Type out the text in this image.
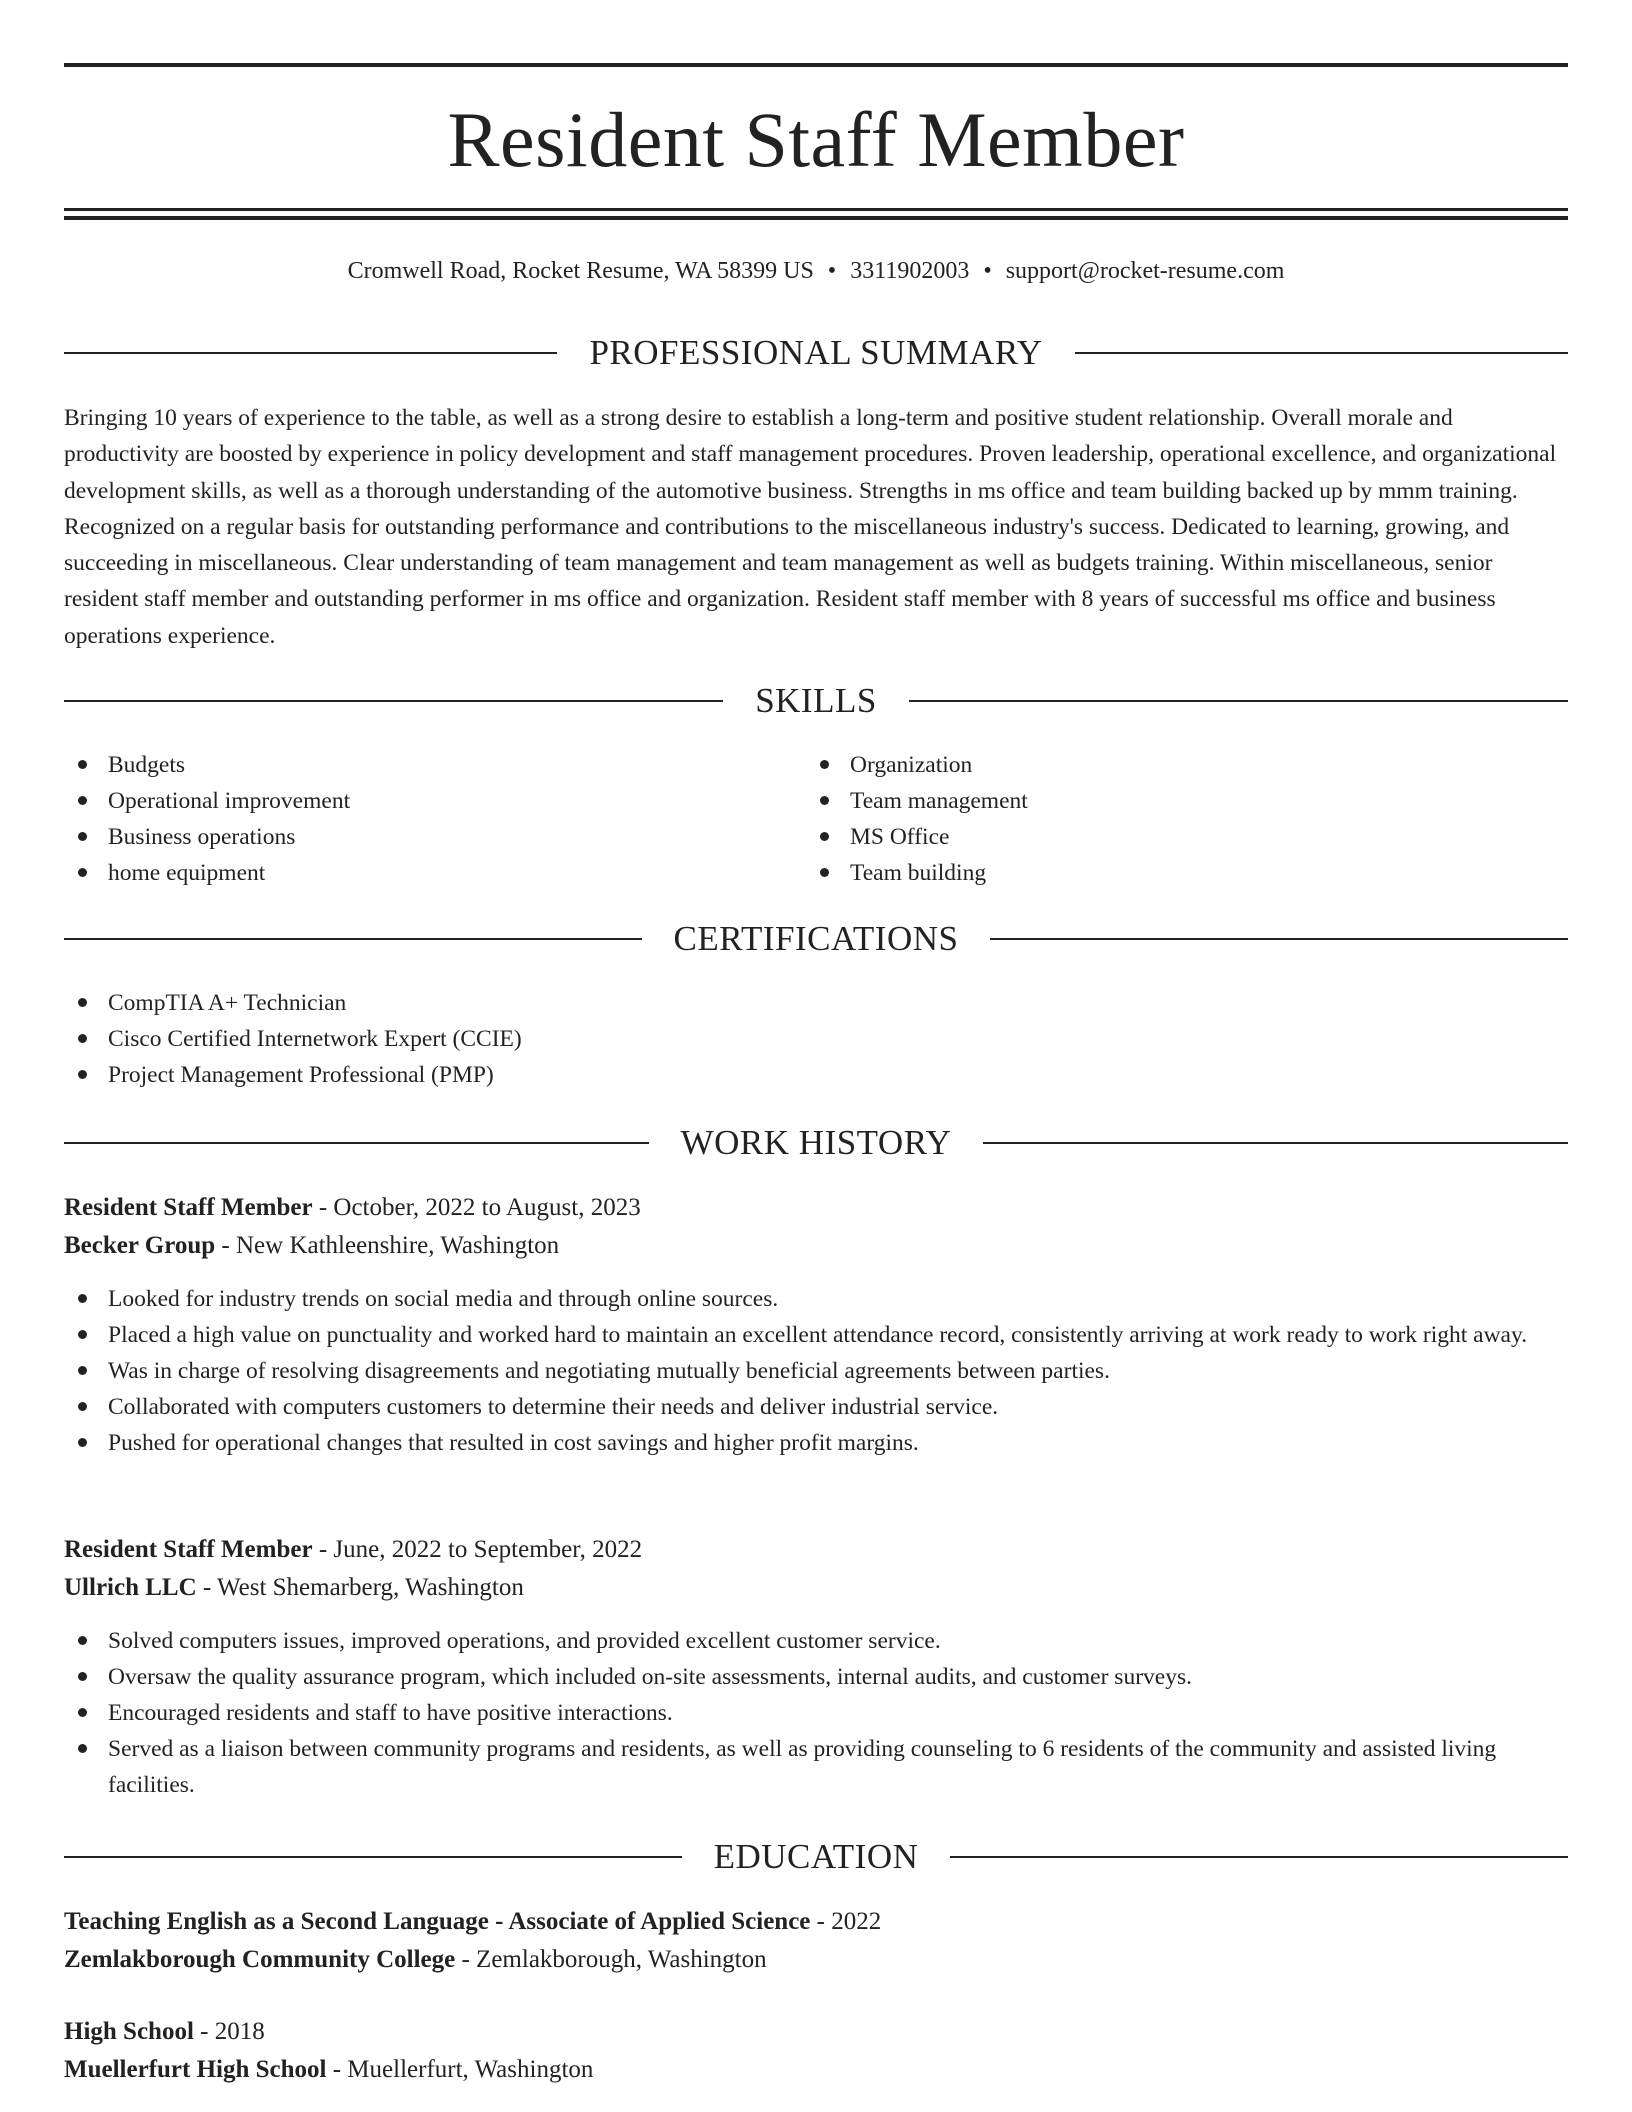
Resident Staff Member
Cromwell Road, Rocket Resume, WA 58399 US • 3311902003 • support@rocket-resume.com
PROFESSIONAL SUMMARY

Bringing 10 years of experience to the table, as well as a strong desire to establish a long-term and positive student relationship. Overall morale and productivity are boosted by experience in policy development and staff management procedures. Proven leadership, operational excellence, and organizational development skills, as well as a thorough understanding of the automotive business. Strengths in ms office and team building backed up by mmm training. Recognized on a regular basis for outstanding performance and contributions to the miscellaneous industry's success. Dedicated to learning, growing, and succeeding in miscellaneous. Clear understanding of team management and team management as well as budgets training. Within miscellaneous, senior resident staff member and outstanding performer in ms office and organization. Resident staff member with 8 years of successful ms office and business operations experience.

SKILLS
Budgets
Operational improvement
Business operations
home equipment
Organization
Team management
MS Office
Team building
CERTIFICATIONS
CompTIA A+ Technician
Cisco Certified Internetwork Expert (CCIE)
Project Management Professional (PMP)
WORK HISTORY
Resident Staff Member - October, 2022 to August, 2023
Becker Group - New Kathleenshire, Washington
Looked for industry trends on social media and through online sources.
Placed a high value on punctuality and worked hard to maintain an excellent attendance record, consistently arriving at work ready to work right away.
Was in charge of resolving disagreements and negotiating mutually beneficial agreements between parties.
Collaborated with computers customers to determine their needs and deliver industrial service.
Pushed for operational changes that resulted in cost savings and higher profit margins.
Resident Staff Member - June, 2022 to September, 2022
Ullrich LLC - West Shemarberg, Washington
Solved computers issues, improved operations, and provided excellent customer service.
Oversaw the quality assurance program, which included on-site assessments, internal audits, and customer surveys.
Encouraged residents and staff to have positive interactions.
Served as a liaison between community programs and residents, as well as providing counseling to 6 residents of the community and assisted living facilities.
EDUCATION
Teaching English as a Second Language - Associate of Applied Science - 2022
Zemlakborough Community College - Zemlakborough, Washington
High School - 2018
Muellerfurt High School - Muellerfurt, Washington
